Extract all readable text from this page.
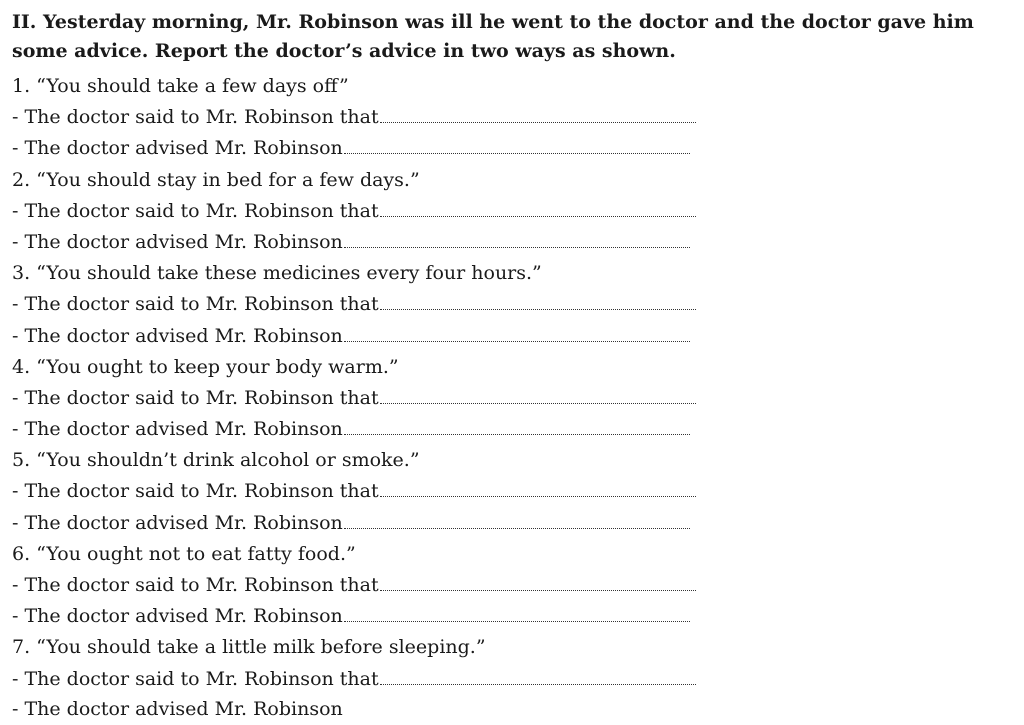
II. Yesterday morning, Mr. Robinson was ill he went to the doctor and the doctor gave him some advice. Report the doctor’s advice in two ways as shown.
1. “You should take a few days off”
- The doctor said to Mr. Robinson that
- The doctor advised Mr. Robinson
2. “You should stay in bed for a few days.”
- The doctor said to Mr. Robinson that
- The doctor advised Mr. Robinson
3. “You should take these medicines every four hours.”
- The doctor said to Mr. Robinson that
- The doctor advised Mr. Robinson
4. “You ought to keep your body warm.”
- The doctor said to Mr. Robinson that
- The doctor advised Mr. Robinson
5. “You shouldn’t drink alcohol or smoke.”
- The doctor said to Mr. Robinson that
- The doctor advised Mr. Robinson
6. “You ought not to eat fatty food.”
- The doctor said to Mr. Robinson that
- The doctor advised Mr. Robinson
7. “You should take a little milk before sleeping.”
- The doctor said to Mr. Robinson that
- The doctor advised Mr. Robinson
